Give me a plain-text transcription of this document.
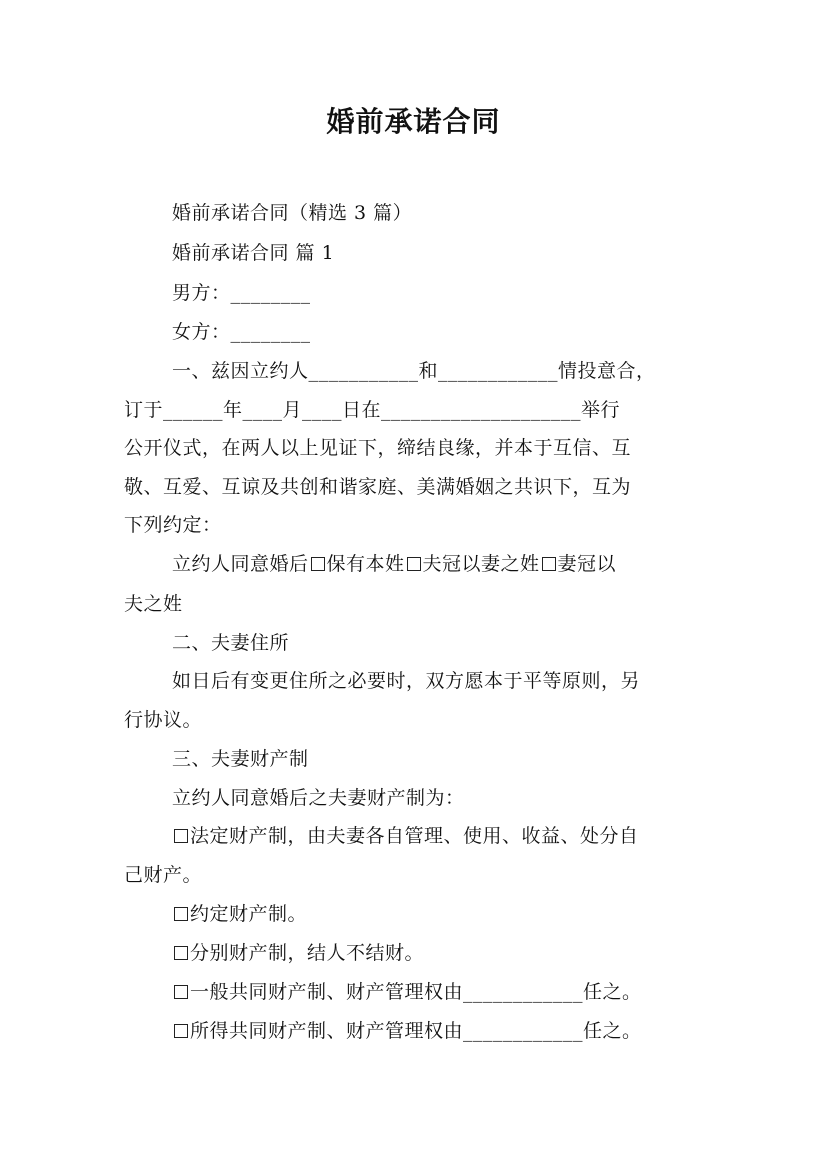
婚前承诺合同
婚前承诺合同（精选 3 篇）
婚前承诺合同 篇 1
男方：________
女方：________
一、兹因立约人___________和____________情投意合，
订于______年____月____日在____________________举行
公开仪式，在两人以上见证下，缔结良缘，并本于互信、互
敬、互爱、互谅及共创和谐家庭、美满婚姻之共识下，互为
下列约定：
立约人同意婚后 保有本姓 夫冠以妻之姓 妻冠以
夫之姓
二、夫妻住所
如日后有变更住所之必要时，双方愿本于平等原则，另
行协议。
三、夫妻财产制
立约人同意婚后之夫妻财产制为：
法定财产制，由夫妻各自管理、使用、收益、处分自
己财产。
约定财产制。
分别财产制，结人不结财。
一般共同财产制、财产管理权由____________任之。
所得共同财产制、财产管理权由____________任之。
